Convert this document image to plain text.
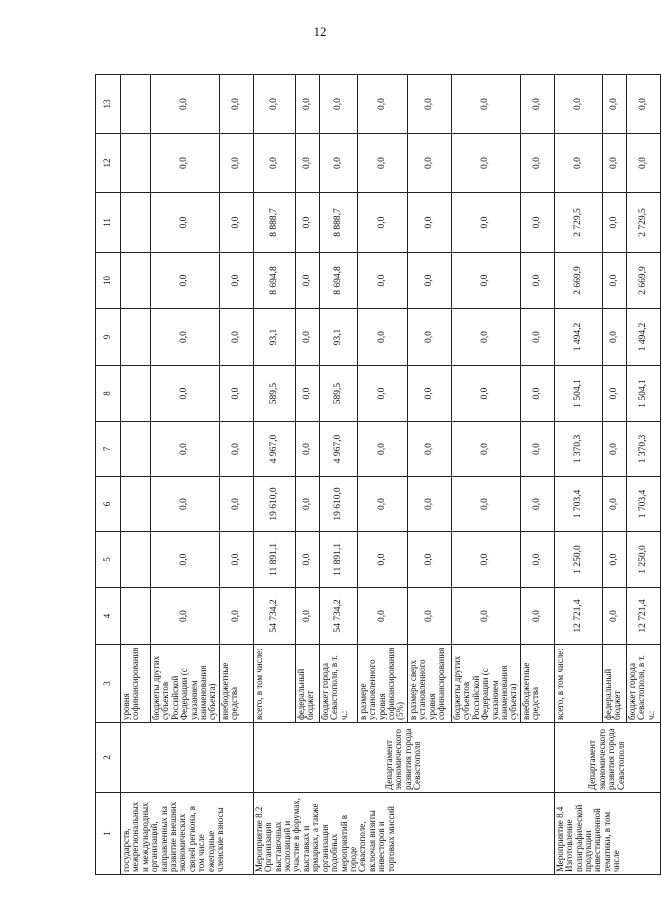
12
1	2	3	4	5	6	7	8	9	10	11	12	13
государств, межрегиональных и международных организаций, направленных на развитие внешних экономических связей региона, в том числе ежегодные членские взносы		уровня софинансирования										
		бюджеты других субъектов Российской Федерации (с указанием наименования субъекта)	0,0	0,0	0,0	0,0	0,0	0,0	0,0	0,0	0,0	0,0
		внебюджетные средства	0,0	0,0	0,0	0,0	0,0	0,0	0,0	0,0	0,0	0,0
Мероприятие 8.2 Организация выставочных экспозиций и участие в форумах, выставках и ярмарках, а также организация подобных мероприятий в городе Севастополе, включая визиты инвесторов и торговых миссий	Департамент экономического развития города Севастополя	всего, в том числе:	54 734,2	11 891,1	19 610,0	4 967,0	589,5	93,1	8 694,8	8 888,7	0,0	0,0
		федеральный бюджет	0,0	0,0	0,0	0,0	0,0	0,0	0,0	0,0	0,0	0,0
		бюджет города Севастополя, в т. ч.:	54 734,2	11 891,1	19 610,0	4 967,0	589,5	93,1	8 694,8	8 888,7	0,0	0,0
		в размере установленного уровня софинансирования (5%)	0,0	0,0	0,0	0,0	0,0	0,0	0,0	0,0	0,0	0,0
		в размере сверх установленного уровня софинансирования	0,0	0,0	0,0	0,0	0,0	0,0	0,0	0,0	0,0	0,0
		бюджеты других субъектов Российской Федерации (с указанием наименования субъекта)	0,0	0,0	0,0	0,0	0,0	0,0	0,0	0,0	0,0	0,0
		внебюджетные средства	0,0	0,0	0,0	0,0	0,0	0,0	0,0	0,0	0,0	0,0
Мероприятие 8.4 Изготовление полиграфической продукции инвестиционной тематики, в том числе	Департамент экономического развития города Севастополя	всего, в том числе:	12 721,4	1 250,0	1 703,4	1 370,3	1 504,1	1 494,2	2 669,9	2 729,5	0,0	0,0
		федеральный бюджет	0,0	0,0	0,0	0,0	0,0	0,0	0,0	0,0	0,0	0,0
		бюджет города Севастополя, в т. ч.:	12 721,4	1 250,0	1 703,4	1 370,3	1 504,1	1 494,2	2 669,9	2 729,5	0,0	0,0
